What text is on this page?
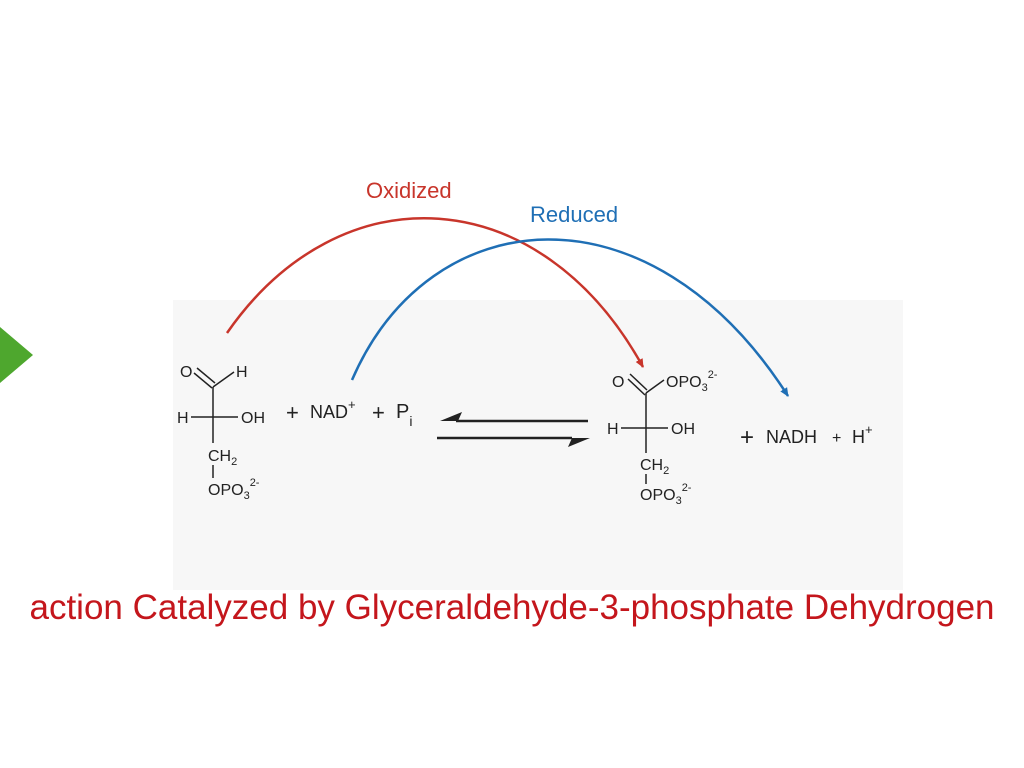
Oxidized
Reduced
O	H
H	OH
$CH_2$
$OPO_3^{2-}$
+ $NAD^+ + P_i$
O	$OPO_3^{2-}$
H	OH
$CH_2$
$OPO_3^{2-}$
+ NADH + H+
action Catalyzed by Glyceraldehyde-3-phosphate Dehydrogen
